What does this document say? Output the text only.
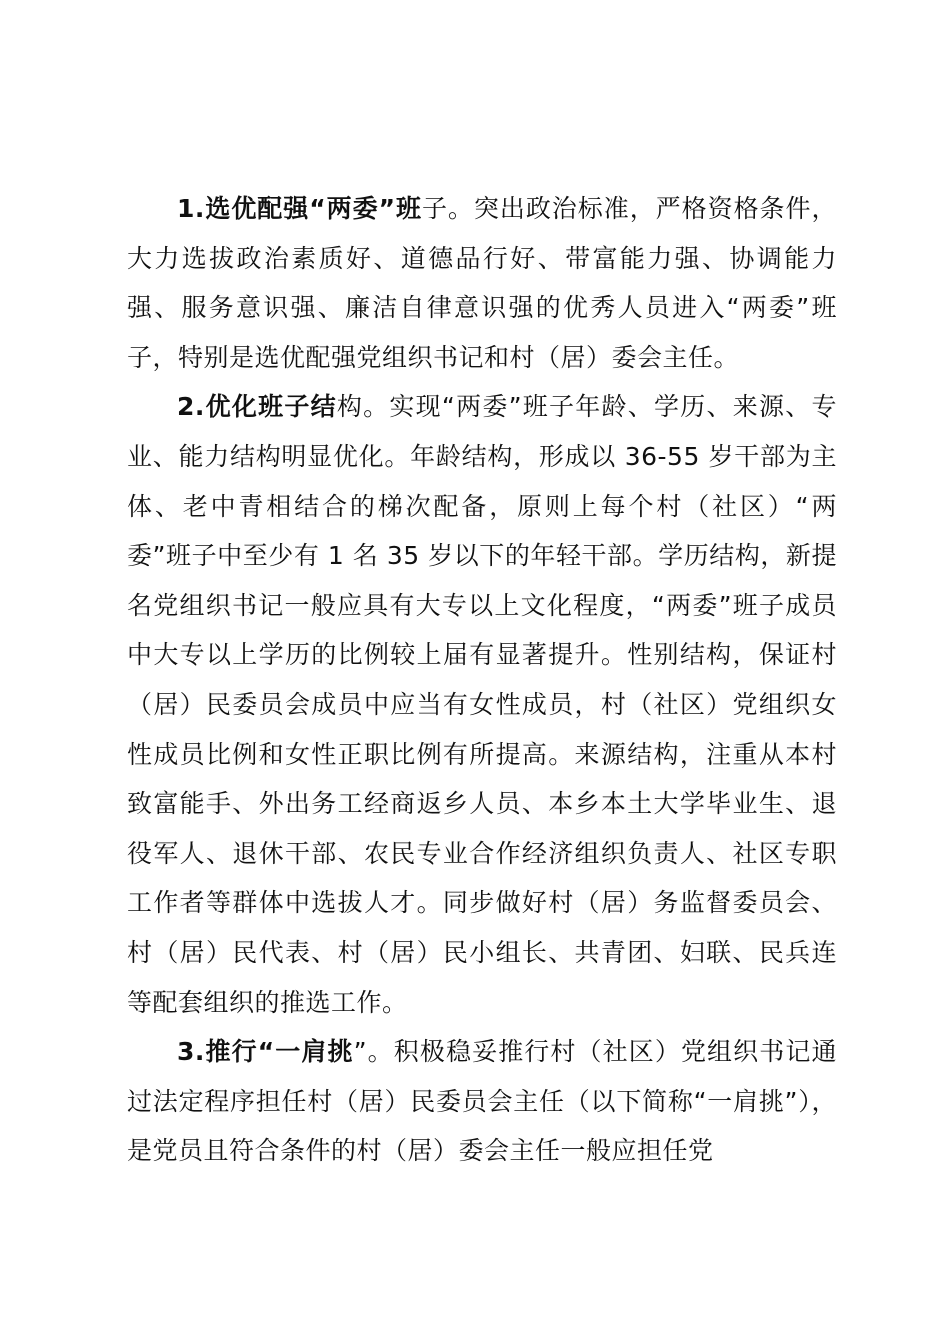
1.选优配强“两委”班子。突出政治标准，严格资格条件，大力选拔政治素质好、道德品行好、带富能力强、协调能力强、服务意识强、廉洁自律意识强的优秀人员进入“两委”班子，特别是选优配强党组织书记和村（居）委会主任。

2.优化班子结构。实现“两委”班子年龄、学历、来源、专业、能力结构明显优化。年龄结构，形成以 36-55 岁干部为主体、老中青相结合的梯次配备，原则上每个村（社区）“两委”班子中至少有 1 名 35 岁以下的年轻干部。学历结构，新提名党组织书记一般应具有大专以上文化程度，“两委”班子成员中大专以上学历的比例较上届有显著提升。性别结构，保证村（居）民委员会成员中应当有女性成员，村（社区）党组织女性成员比例和女性正职比例有所提高。来源结构，注重从本村致富能手、外出务工经商返乡人员、本乡本土大学毕业生、退役军人、退休干部、农民专业合作经济组织负责人、社区专职工作者等群体中选拔人才。同步做好村（居）务监督委员会、村（居）民代表、村（居）民小组长、共青团、妇联、民兵连等配套组织的推选工作。

3.推行“一肩挑”。积极稳妥推行村（社区）党组织书记通过法定程序担任村（居）民委员会主任（以下简称“一肩挑”），是党员且符合条件的村（居）委会主任一般应担任党
